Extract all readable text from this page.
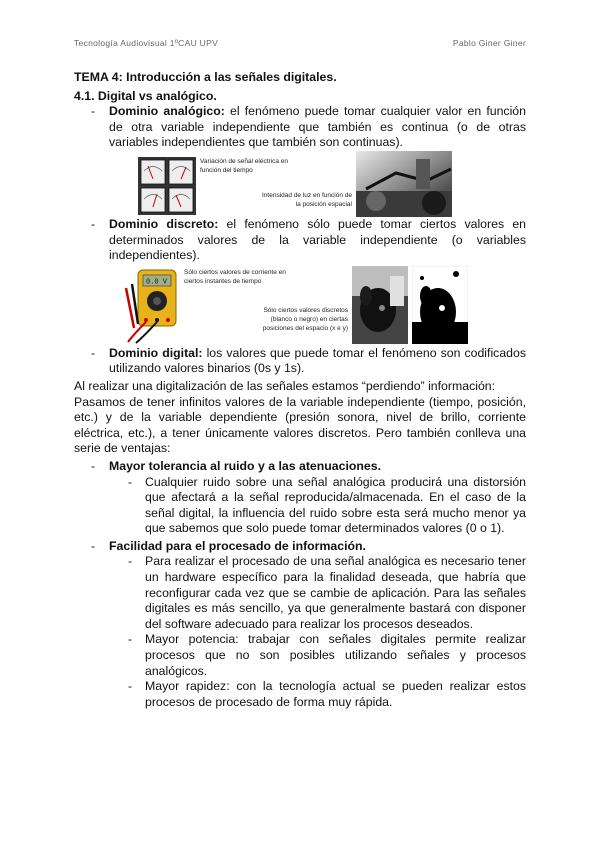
Tecnología Audiovisual 1ºCAU UPV	Pablo Giner Giner
TEMA 4: Introducción a las señales digitales.
4.1. Digital vs analógico.
- Dominio analógico: el fenómeno puede tomar cualquier valor en función de otra variable independiente que también es continua (o de otras variables independientes que también son continuas).
Variación de señal eléctrica en función del tiempo
Intensidad de luz en función de la posición espacial
- Dominio discreto: el fenómeno sólo puede tomar ciertos valores en determinados valores de la variable independiente (o variables independientes).
0.0 V
Sólo ciertos valores de corriente en ciertos instantes de tiempo
Sólo ciertos valores discretos (blanco o negro) en ciertas posiciones del espacio (x e y)
- Dominio digital: los valores que puede tomar el fenómeno son codificados utilizando valores binarios (0s y 1s).
Al realizar una digitalización de las señales estamos “perdiendo” información:
Pasamos de tener infinitos valores de la variable independiente (tiempo, posición, etc.) y de la variable dependiente (presión sonora, nivel de brillo, corriente eléctrica, etc.), a tener únicamente valores discretos. Pero también conlleva una serie de ventajas:
- Mayor tolerancia al ruido y a las atenuaciones.
- Cualquier ruido sobre una señal analógica producirá una distorsión que afectará a la señal reproducida/almacenada. En el caso de la señal digital, la influencia del ruido sobre esta será mucho menor ya que sabemos que solo puede tomar determinados valores (0 o 1).
- Facilidad para el procesado de información.
- Para realizar el procesado de una señal analógica es necesario tener un hardware específico para la finalidad deseada, que habría que reconfigurar cada vez que se cambie de aplicación. Para las señales digitales es más sencillo, ya que generalmente bastará con disponer del software adecuado para realizar los procesos deseados.
- Mayor potencia: trabajar con señales digitales permite realizar procesos que no son posibles utilizando señales y procesos analógicos.
- Mayor rapidez: con la tecnología actual se pueden realizar estos procesos de procesado de forma muy rápida.
